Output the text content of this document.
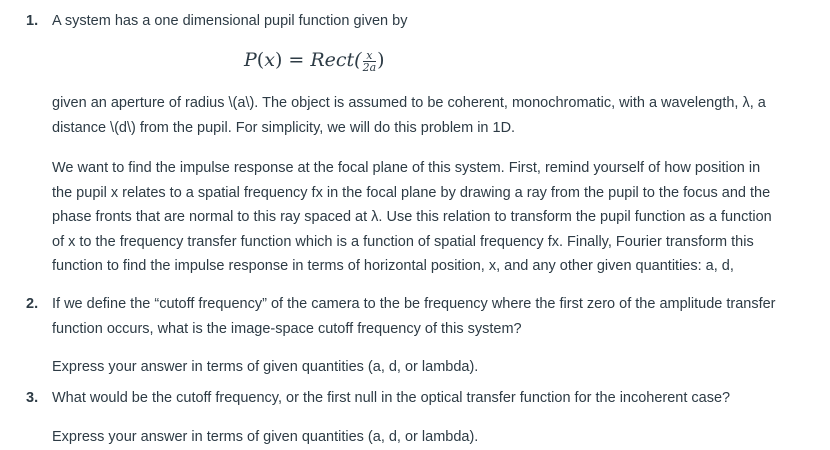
1. A system has a one dimensional pupil function given by
P(x) = Rect( $\frac{x}{2a}$ )
given an aperture of radius \(a\). The object is assumed to be coherent, monochromatic, with a wavelength, λ, a
distance \(d\) from the pupil. For simplicity, we will do this problem in 1D.
We want to find the impulse response at the focal plane of this system. First, remind yourself of how position in
the pupil x relates to a spatial frequency fx in the focal plane by drawing a ray from the pupil to the focus and the
phase fronts that are normal to this ray spaced at λ. Use this relation to transform the pupil function as a function
of x to the frequency transfer function which is a function of spatial frequency fx. Finally, Fourier transform this
function to find the impulse response in terms of horizontal position, x, and any other given quantities: a, d,
2. If we define the “cutoff frequency” of the camera to the be frequency where the first zero of the amplitude transfer
function occurs, what is the image-space cutoff frequency of this system?
Express your answer in terms of given quantities (a, d, or lambda).
3. What would be the cutoff frequency, or the first null in the optical transfer function for the incoherent case?
Express your answer in terms of given quantities (a, d, or lambda).
